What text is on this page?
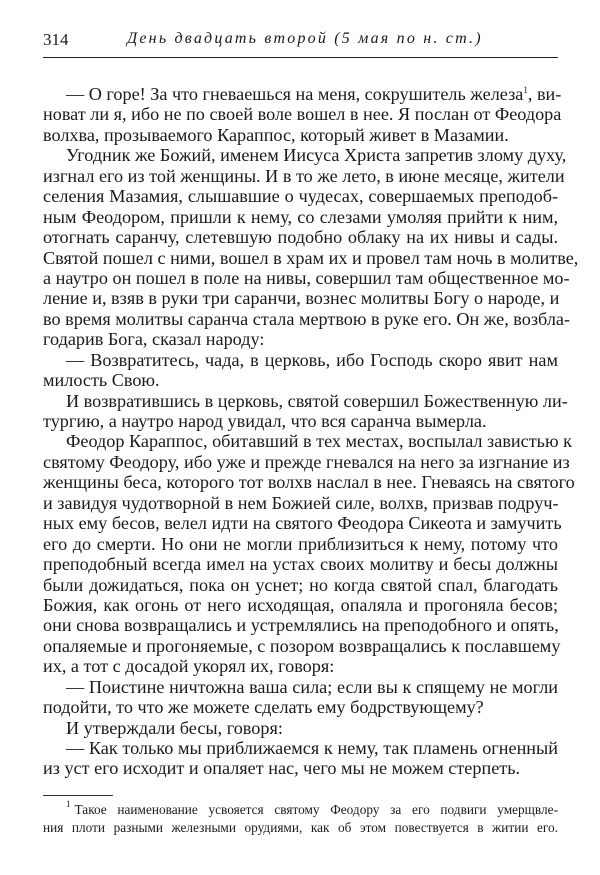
314	День двадцать второй (5 мая по н. ст.)
— О горе! За что гневаешься на меня, сокрушитель железа$^1$, ви-
новат ли я, ибо не по своей воле вошел в нее. Я послан от Феодора
волхва, прозываемого Караппос, который живет в Мазамии.
Угодник же Божий, именем Иисуса Христа запретив злому духу,
изгнал его из той женщины. И в то же лето, в июне месяце, жители
селения Мазамия, слышавшие о чудесах, совершаемых преподоб-
ным Феодором, пришли к нему, со слезами умоляя прийти к ним,
отогнать саранчу, слетевшую подобно облаку на их нивы и сады.
Святой пошел с ними, вошел в храм их и провел там ночь в молитве,
а наутро он пошел в поле на нивы, совершил там общественное мо-
ление и, взяв в руки три саранчи, вознес молитвы Богу о народе, и
во время молитвы саранча стала мертвою в руке его. Он же, возбла-
годарив Бога, сказал народу:
— Возвратитесь, чада, в церковь, ибо Господь скоро явит нам
милость Свою.
И возвратившись в церковь, святой совершил Божественную ли-
тургию, а наутро народ увидал, что вся саранча вымерла.
Феодор Караппос, обитавший в тех местах, воспылал завистью к
святому Феодору, ибо уже и прежде гневался на него за изгнание из
женщины беса, которого тот волхв наслал в нее. Гневаясь на святого
и завидуя чудотворной в нем Божией силе, волхв, призвав подруч-
ных ему бесов, велел идти на святого Феодора Сикеота и замучить
его до смерти. Но они не могли приблизиться к нему, потому что
преподобный всегда имел на устах своих молитву и бесы должны
были дожидаться, пока он уснет; но когда святой спал, благодать
Божия, как огонь от него исходящая, опаляла и прогоняла бесов;
они снова возвращались и устремлялись на преподобного и опять,
опаляемые и прогоняемые, с позором возвращались к пославшему
их, а тот с досадой укорял их, говоря:
— Поистине ничтожна ваша сила; если вы к спящему не могли
подойти, то что же можете сделать ему бодрствующему?
И утверждали бесы, говоря:
— Как только мы приближаемся к нему, так пламень огненный
из уст его исходит и опаляет нас, чего мы не можем стерпеть.
$^1$ Такое наименование усвояется святому Феодору за его подвиги умерщвле-
ния плоти разными железными орудиями, как об этом повествуется в житии его.
